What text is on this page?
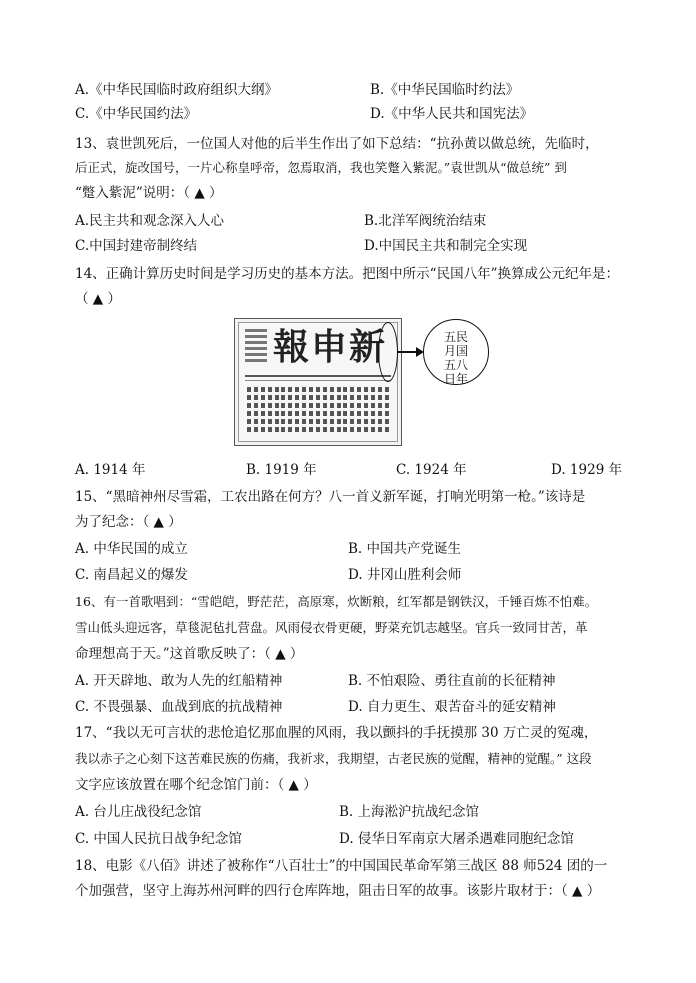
A.《中华民国临时政府组织大纲》	B.《中华民国临时约法》
C.《中华民国约法》	D.《中华人民共和国宪法》
13、袁世凯死后，一位国人对他的后半生作出了如下总结：“抗孙黄以做总统，先临时，
后正式，旋改国号，一片心称皇呼帝，忽焉取消，我也笑蹩入紫泥。”袁世凯从“做总统” 到
“蹩入紫泥”说明：（ ▲ ）
A.民主共和观念深入人心	B.北洋军阀统治结束
C.中国封建帝制终结	D.中国民主共和制完全实现
14、正确计算历史时间是学习历史的基本方法。把图中所示“民国八年”换算成公元纪年是：
（ ▲ ）
報申新	五民
月国
五八
日年
A. 1914 年	B. 1919 年	C. 1924 年	D. 1929 年
15、“黑暗神州尽雪霜，工农出路在何方？八一首义新军诞，打响光明第一枪。”该诗是
为了纪念：（ ▲ ）
A. 中华民国的成立	B. 中国共产党诞生
C. 南昌起义的爆发	D. 井冈山胜利会师
16、有一首歌唱到：“雪皑皑，野茫茫，高原寒，炊断粮，红军都是钢铁汉，千锤百炼不怕难。
雪山低头迎远客，草毯泥毡扎营盘。风雨侵衣骨更硬，野菜充饥志越坚。官兵一致同甘苦，革
命理想高于天。”这首歌反映了：（ ▲ ）
A. 开天辟地、敢为人先的红船精神	B. 不怕艰险、勇往直前的长征精神
C. 不畏强暴、血战到底的抗战精神	D. 自力更生、艰苦奋斗的延安精神
17、“我以无可言状的悲怆追忆那血腥的风雨，我以颤抖的手抚摸那 30 万亡灵的冤魂，
我以赤子之心刻下这苦难民族的伤痛，我祈求，我期望，古老民族的觉醒，精神的觉醒。” 这段
文字应该放置在哪个纪念馆门前：（ ▲ ）
A. 台儿庄战役纪念馆	B. 上海淞沪抗战纪念馆
C. 中国人民抗日战争纪念馆	D. 侵华日军南京大屠杀遇难同胞纪念馆
18、电影《八佰》讲述了被称作“八百壮士”的中国国民革命军第三战区 88 师524 团的一
个加强营，坚守上海苏州河畔的四行仓库阵地，阻击日军的故事。该影片取材于：（ ▲ ）
